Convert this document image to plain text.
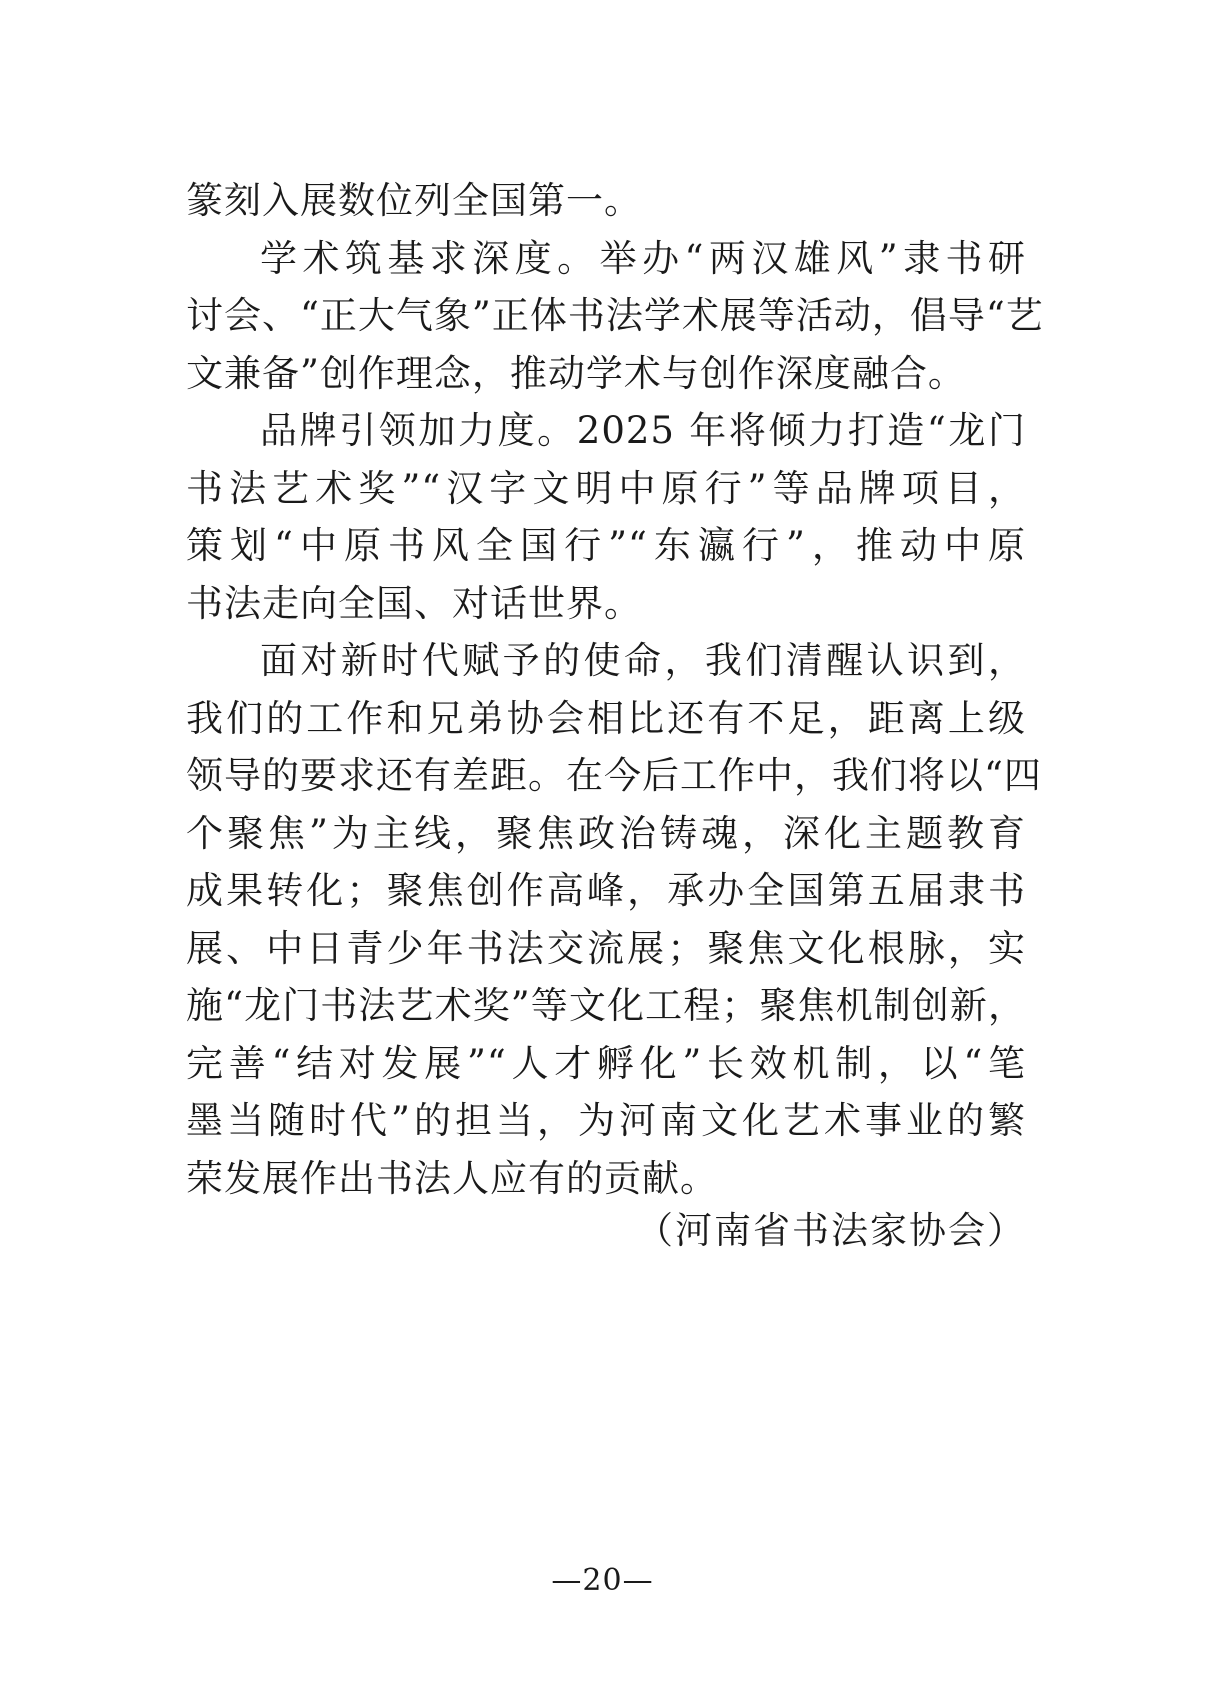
篆刻入展数位列全国第一。
学术筑基求深度。举办“两汉雄风”隶书研
讨会、“正大气象”正体书法学术展等活动，倡导“艺
文兼备”创作理念，推动学术与创作深度融合。
品牌引领加力度。2025 年将倾力打造“龙门
书法艺术奖”“汉字文明中原行”等品牌项目，
策划“中原书风全国行”“东瀛行”，推动中原
书法走向全国、对话世界。
面对新时代赋予的使命，我们清醒认识到，
我们的工作和兄弟协会相比还有不足，距离上级
领导的要求还有差距。在今后工作中，我们将以“四
个聚焦”为主线，聚焦政治铸魂，深化主题教育
成果转化；聚焦创作高峰，承办全国第五届隶书
展、中日青少年书法交流展；聚焦文化根脉，实
施“龙门书法艺术奖”等文化工程；聚焦机制创新，
完善“结对发展”“人才孵化”长效机制，以“笔
墨当随时代”的担当，为河南文化艺术事业的繁
荣发展作出书法人应有的贡献。
（河南省书法家协会）
—20—
